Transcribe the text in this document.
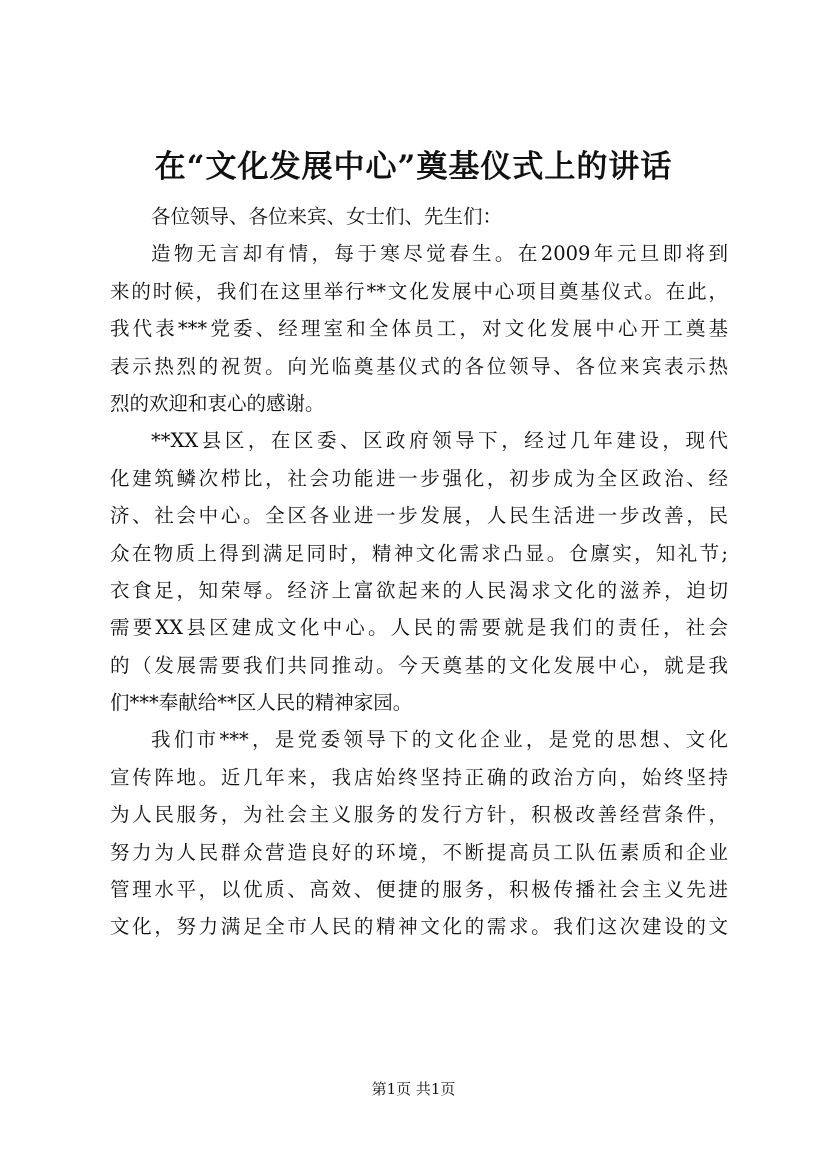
在“文化发展中心”奠基仪式上的讲话
各位领导、各位来宾、女士们、先生们：
造物无言却有情，每于寒尽觉春生。在2009年元旦即将到
来的时候，我们在这里举行**文化发展中心项目奠基仪式。在此，
我代表***党委、经理室和全体员工，对文化发展中心开工奠基
表示热烈的祝贺。向光临奠基仪式的各位领导、各位来宾表示热
烈的欢迎和衷心的感谢。
**XX县区，在区委、区政府领导下，经过几年建设，现代
化建筑鳞次栉比，社会功能进一步强化，初步成为全区政治、经
济、社会中心。全区各业进一步发展，人民生活进一步改善，民
众在物质上得到满足同时，精神文化需求凸显。仓廪实，知礼节;
衣食足，知荣辱。经济上富欲起来的人民渴求文化的滋养，迫切
需要XX县区建成文化中心。人民的需要就是我们的责任，社会
的（发展需要我们共同推动。今天奠基的文化发展中心，就是我
们***奉献给**区人民的精神家园。
我们市***，是党委领导下的文化企业，是党的思想、文化
宣传阵地。近几年来，我店始终坚持正确的政治方向，始终坚持
为人民服务，为社会主义服务的发行方针，积极改善经营条件，
努力为人民群众营造良好的环境，不断提高员工队伍素质和企业
管理水平，以优质、高效、便捷的服务，积极传播社会主义先进
文化，努力满足全市人民的精神文化的需求。我们这次建设的文
第1页 共1页
